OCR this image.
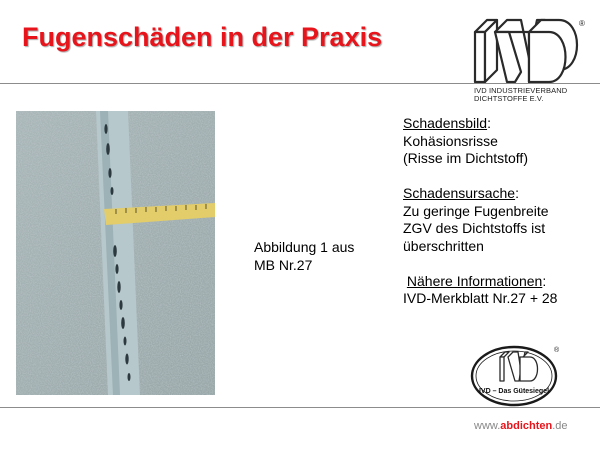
Fugenschäden in der Praxis	®
IVD INDUSTRIEVERBAND
DICHTSTOFFE E.V.
Abbildung 1 aus
MB Nr.27
Schadensbild:
Kohäsionsrisse
(Risse im Dichtstoff)
Schadensursache:
Zu geringe Fugenbreite
ZGV des Dichtstoffs ist
überschritten
Nähere Informationen:
IVD-Merkblatt Nr.27 + 28
IVD – Das Gütesiegel
®
www.abdichten.de
